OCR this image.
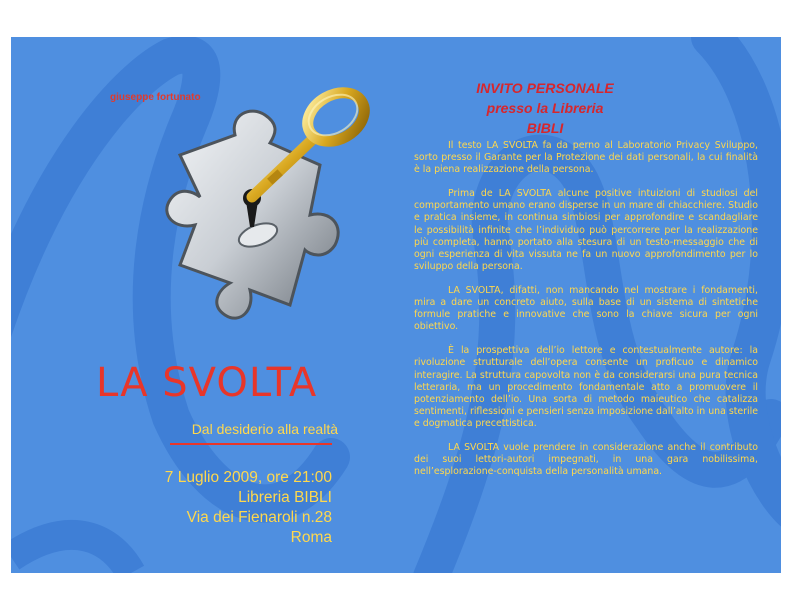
giuseppe fortunato
LA SVOLTA
Dal desiderio alla realtà
7 Luglio 2009, ore 21:00
Libreria BIBLI
Via dei Fienaroli n.28
Roma
INVITO PERSONALE
presso la Libreria BIBLI

Il testo LA SVOLTA fa da perno al Laboratorio Privacy Sviluppo, sorto presso il Garante per la Protezione dei dati personali, la cui finalità è la piena realizzazione della persona.

Prima de LA SVOLTA alcune positive intuizioni di studiosi del comportamento umano erano disperse in un mare di chiacchiere. Studio e pratica insieme, in continua simbiosi per approfondire e scandagliare le possibilità infinite che l’individuo può percorrere per la realizzazione più completa, hanno portato alla stesura di un testo-messaggio che di ogni esperienza di vita vissuta ne fa un nuovo approfondimento per lo sviluppo della persona.

LA SVOLTA, difatti, non mancando nel mostrare i fondamenti, mira a dare un concreto aiuto, sulla base di un sistema di sintetiche formule pratiche e innovative che sono la chiave sicura per ogni obiettivo.

È la prospettiva dell’io lettore e contestualmente autore: la rivoluzione strutturale dell’opera consente un proficuo e dinamico interagire. La struttura capovolta non è da considerarsi una pura tecnica letteraria, ma un procedimento fondamentale atto a promuovere il potenziamento dell’io. Una sorta di metodo maieutico che catalizza sentimenti, riflessioni e pensieri senza imposizione dall’alto in una sterile e dogmatica precettistica.

LA SVOLTA vuole prendere in considerazione anche il contributo dei suoi lettori-autori impegnati, in una gara nobilissima, nell’esplorazione-conquista della personalità umana.
